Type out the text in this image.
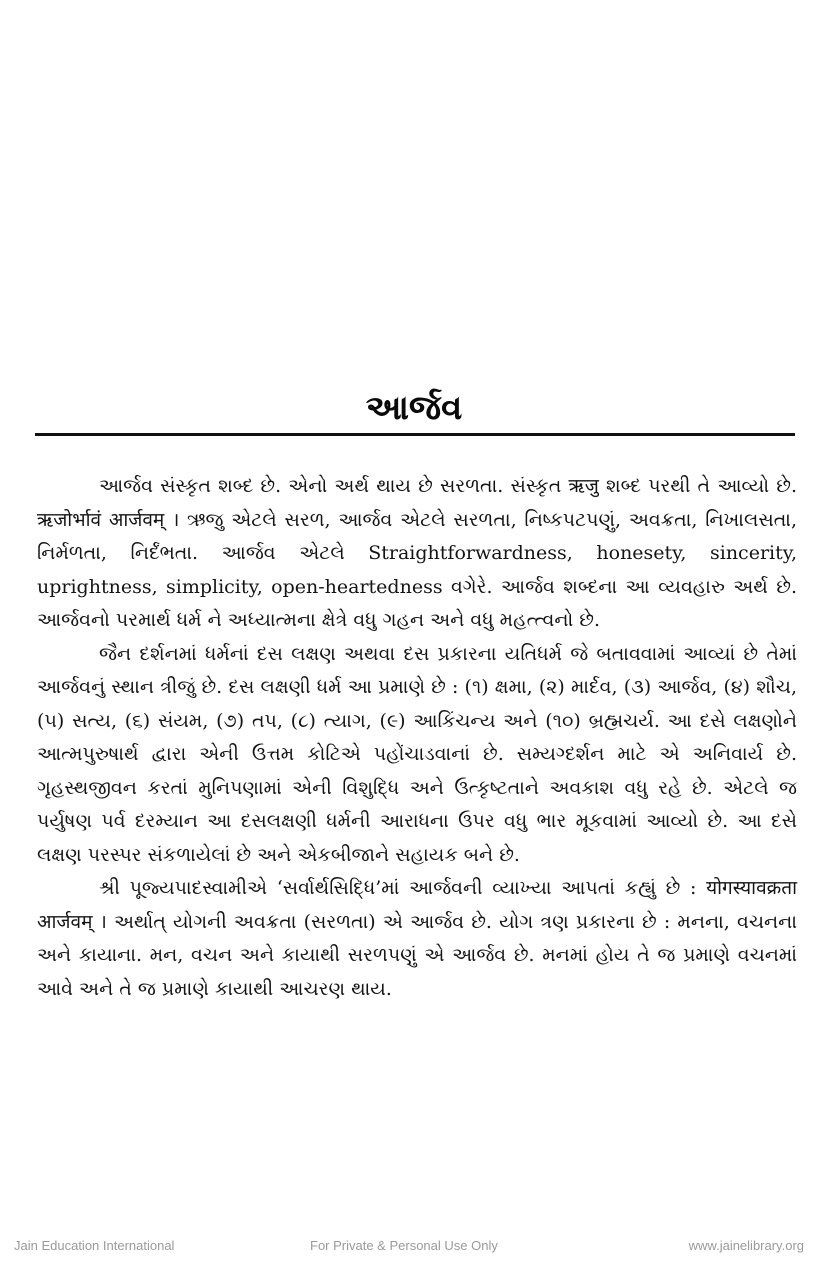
આર્જવ

આર્જવ સંસ્કૃત શબ્દ છે. એનો અર્થ થાય છે સરળતા. સંસ્કૃત ऋजु શબ્દ પરથી તે આવ્યો છે. ऋजोर्भावं आर्जवम् । ઋજુ એટલે સરળ, આર્જવ એટલે સરળતા, નિષ્કપટપણું, અવક્રતા, નિખાલસતા, નિર્મળતા, નિર્દંભતા. આર્જવ એટલે Straightforwardness, honesety, sincerity, uprightness, simplicity, open-heartedness વગેરે. આર્જવ શબ્દના આ વ્યવહારુ અર્થ છે. આર્જવનો પરમાર્થ ધર્મ ને અધ્યાત્મના ક્ષેત્રે વધુ ગહન અને વધુ મહત્ત્વનો છે.

જૈન દર્શનમાં ધર્મનાં દસ લક્ષણ અથવા દસ પ્રકારના યતિધર્મ જે બતાવવામાં આવ્યાં છે તેમાં આર્જવનું સ્થાન ત્રીજું છે. દસ લક્ષણી ધર્મ આ પ્રમાણે છે : (૧) ક્ષમા, (૨) માર્દવ, (૩) આર્જવ, (૪) શૌચ, (૫) સત્ય, (૬) સંયમ, (૭) તપ, (૮) ત્યાગ, (૯) આકિંચન્ય અને (૧૦) બ્રહ્મચર્ય. આ દસે લક્ષણોને આત્મપુરુષાર્થ દ્વારા એની ઉત્તમ કોટિએ પહોંચાડવાનાં છે. સમ્યગ્દર્શન માટે એ અનિવાર્ય છે. ગૃહસ્થજીવન કરતાં મુનિપણામાં એની વિશુદ્ધિ અને ઉત્કૃષ્ટતાને અવકાશ વધુ રહે છે. એટલે જ પર્યુષણ પર્વ દરમ્યાન આ દસલક્ષણી ધર્મની આરાધના ઉપર વધુ ભાર મૂકવામાં આવ્યો છે. આ દસે લક્ષણ પરસ્પર સંકળાયેલાં છે અને એકબીજાને સહાયક બને છે.

શ્રી પૂજ્યપાદસ્વામીએ ‘સર્વાર્થસિદ્ધિ’માં આર્જવની વ્યાખ્યા આપતાં કહ્યું છે : योगस्यावक्रता आर्जवम् । અર્થાત્ યોગની અવક્રતા (સરળતા) એ આર્જવ છે. યોગ ત્રણ પ્રકારના છે : મનના, વચનના અને કાયાના. મન, વચન અને કાયાથી સરળપણું એ આર્જવ છે. મનમાં હોય તે જ પ્રમાણે વચનમાં આવે અને તે જ પ્રમાણે કાયાથી આચરણ થાય.

Jain Education International	For Private & Personal Use Only	www.jainelibrary.org
